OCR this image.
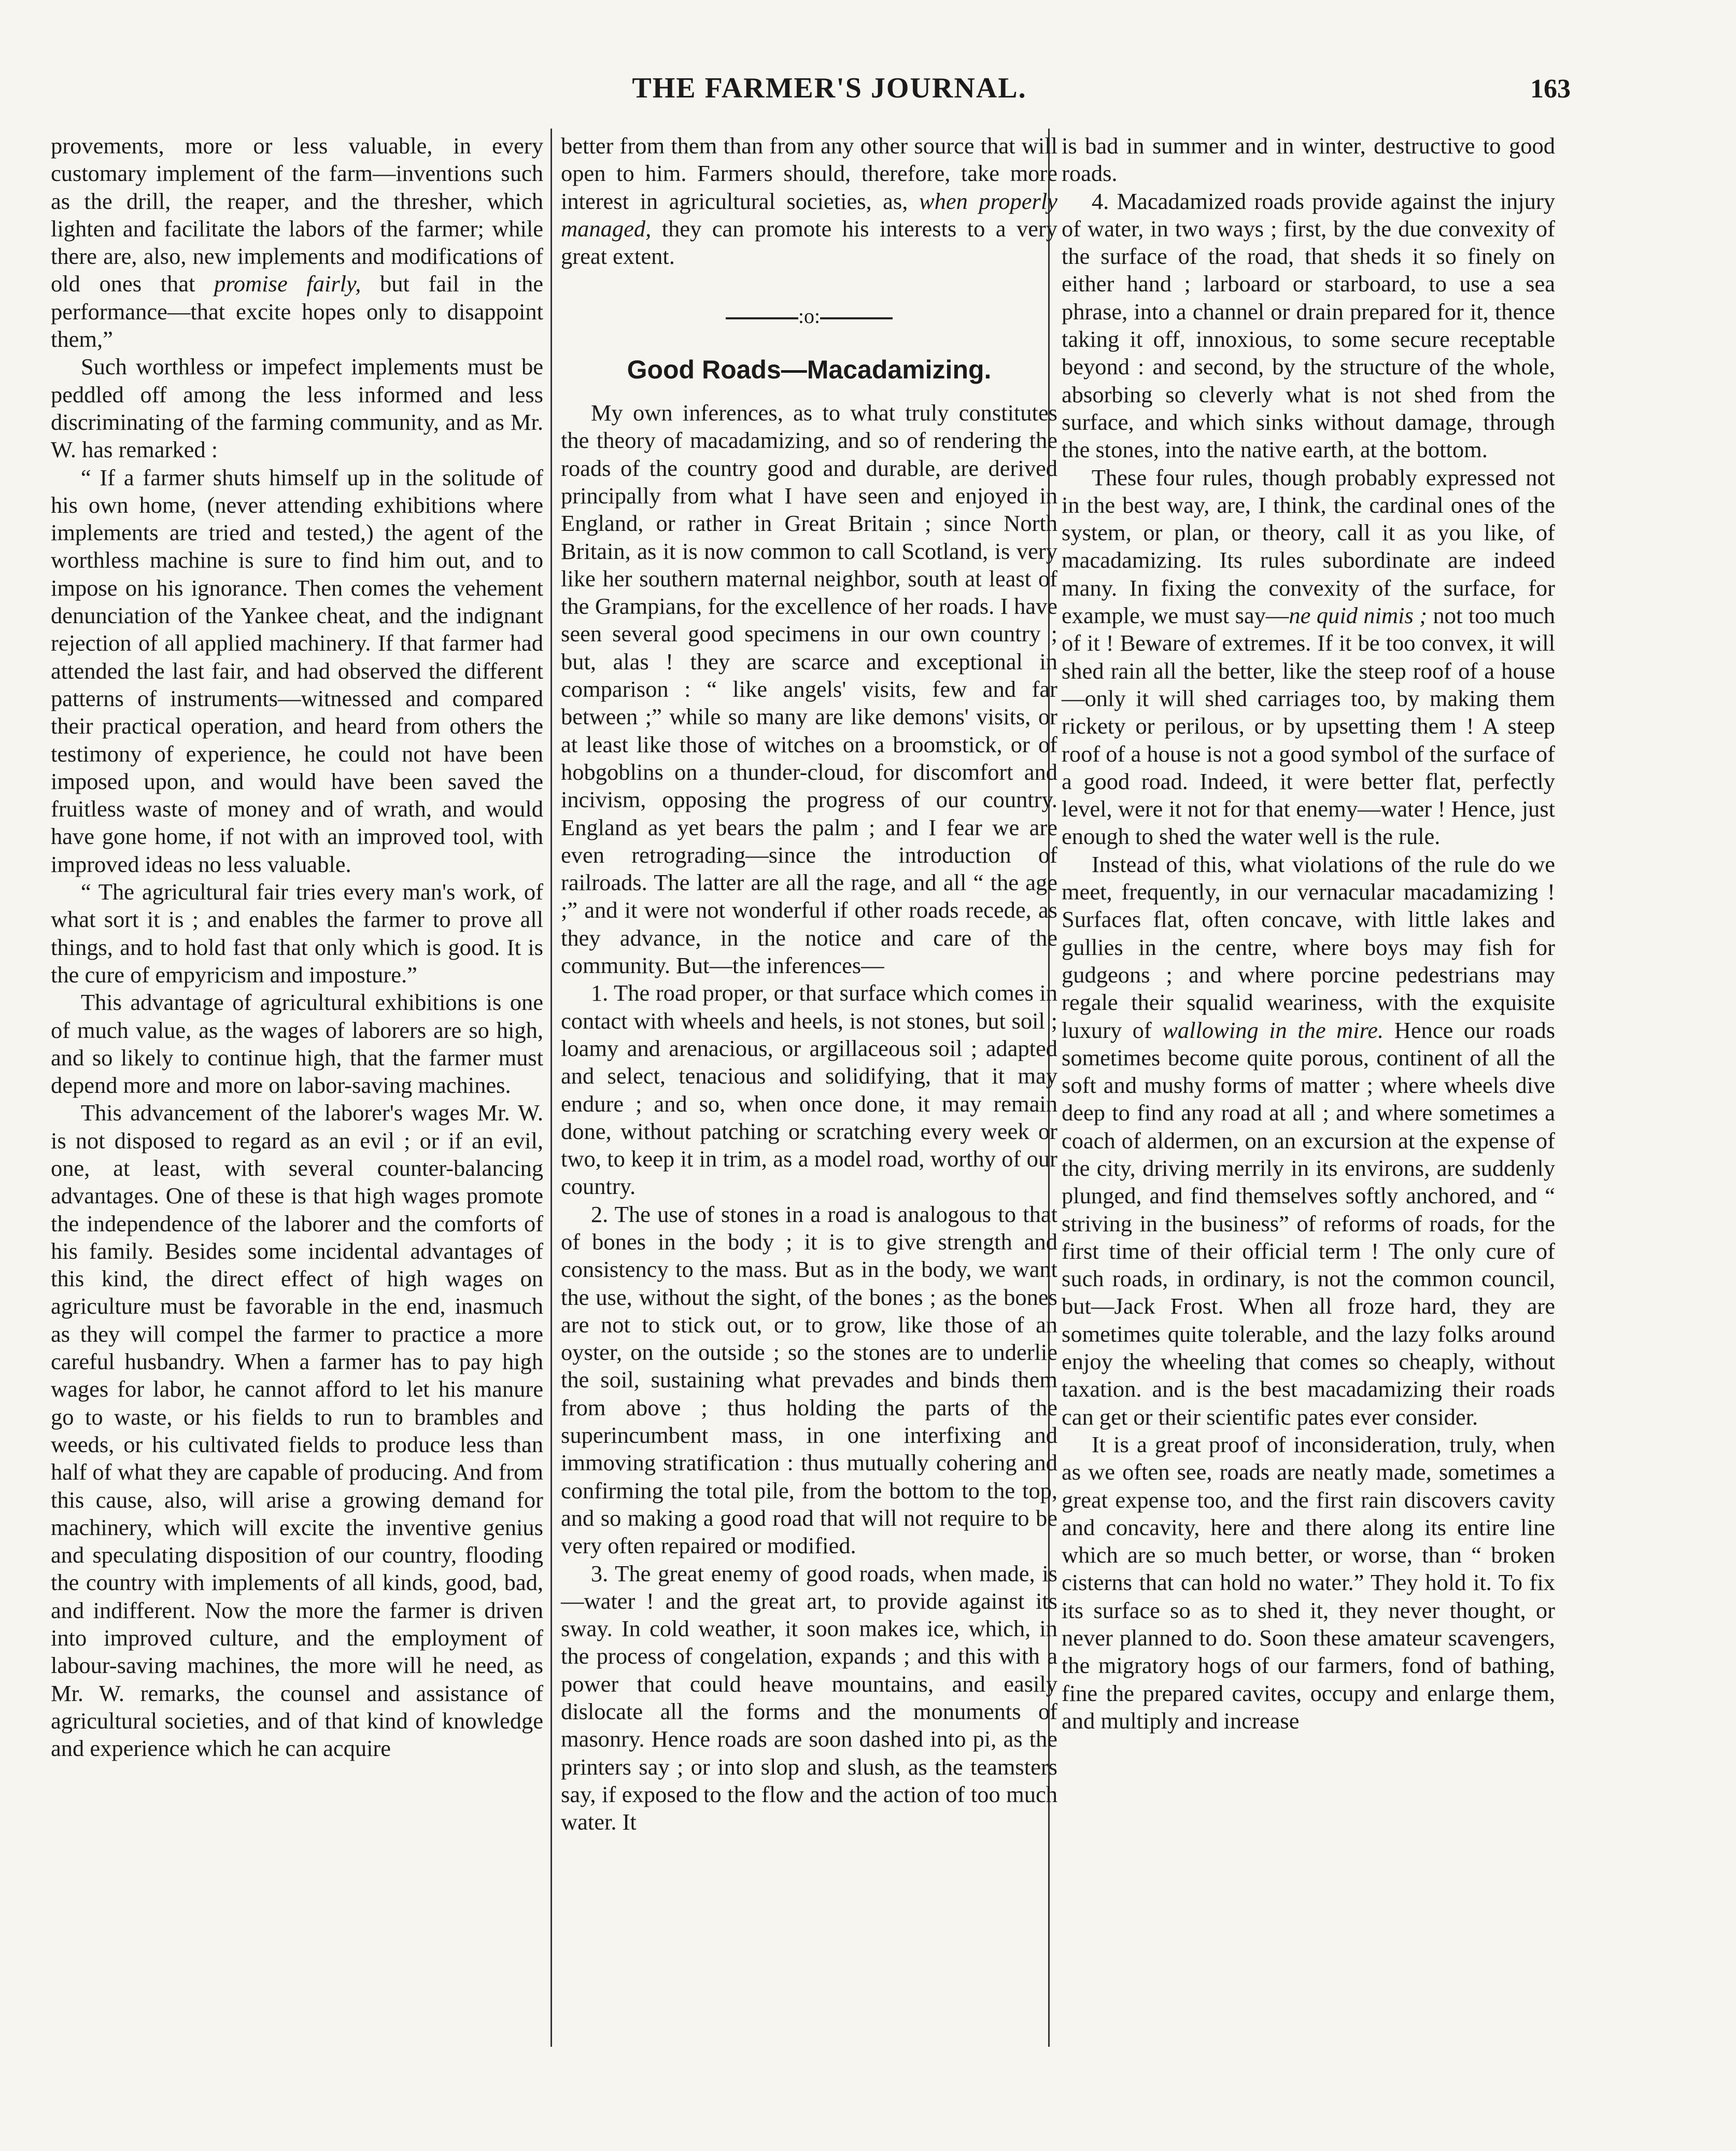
THE FARMER'S JOURNAL.	163

provements, more or less valuable, in every customary implement of the farm—inventions such as the drill, the reaper, and the thresher, which lighten and facilitate the labors of the farmer; while there are, also, new implements and modifications of old ones that promise fairly, but fail in the performance—that excite hopes only to disappoint them,”

Such worthless or impefect implements must be peddled off among the less informed and less discriminating of the farming community, and as Mr. W. has remarked :

“ If a farmer shuts himself up in the solitude of his own home, (never attending exhibitions where implements are tried and tested,) the agent of the worthless machine is sure to find him out, and to impose on his ignorance. Then comes the vehement denunciation of the Yankee cheat, and the indignant rejection of all applied machinery. If that farmer had attended the last fair, and had observed the different patterns of instruments—witnessed and compared their practical operation, and heard from others the testimony of experience, he could not have been imposed upon, and would have been saved the fruitless waste of money and of wrath, and would have gone home, if not with an improved tool, with improved ideas no less valuable.

“ The agricultural fair tries every man's work, of what sort it is ; and enables the farmer to prove all things, and to hold fast that only which is good. It is the cure of empyricism and imposture.”

This advantage of agricultural exhibitions is one of much value, as the wages of laborers are so high, and so likely to continue high, that the farmer must depend more and more on labor-saving machines.

This advancement of the laborer's wages Mr. W. is not disposed to regard as an evil ; or if an evil, one, at least, with several counter-balancing advantages. One of these is that high wages promote the independence of the laborer and the comforts of his family. Besides some incidental advantages of this kind, the direct effect of high wages on agriculture must be favorable in the end, inasmuch as they will compel the farmer to practice a more careful husbandry. When a farmer has to pay high wages for labor, he cannot afford to let his manure go to waste, or his fields to run to brambles and weeds, or his cultivated fields to produce less than half of what they are capable of producing. And from this cause, also, will arise a growing demand for machinery, which will excite the inventive genius and speculating disposition of our country, flooding the country with implements of all kinds, good, bad, and indifferent. Now the more the farmer is driven into improved culture, and the employment of labour-saving machines, the more will he need, as Mr. W. remarks, the counsel and assistance of agricultural societies, and of that kind of knowledge and experience which he can acquire

better from them than from any other source that will open to him. Farmers should, therefore, take more interest in agricultural societies, as, when properly managed, they can promote his interests to a very great extent.

:o:
Good Roads—Macadamizing.

My own inferences, as to what truly constitutes the theory of macadamizing, and so of rendering the roads of the country good and durable, are derived principally from what I have seen and enjoyed in England, or rather in Great Britain ; since North Britain, as it is now common to call Scotland, is very like her southern maternal neighbor, south at least of the Grampians, for the excellence of her roads. I have seen several good specimens in our own country ; but, alas ! they are scarce and exceptional in comparison : “ like angels' visits, few and far between ;” while so many are like demons' visits, or at least like those of witches on a broomstick, or of hobgoblins on a thunder-cloud, for discomfort and incivism, opposing the progress of our country. England as yet bears the palm ; and I fear we are even retrograding—since the introduction of railroads. The latter are all the rage, and all “ the age ;” and it were not wonderful if other roads recede, as they advance, in the notice and care of the community. But—the inferences—

1. The road proper, or that surface which comes in contact with wheels and heels, is not stones, but soil ; loamy and arenacious, or argillaceous soil ; adapted and select, tenacious and solidifying, that it may endure ; and so, when once done, it may remain done, without patching or scratching every week or two, to keep it in trim, as a model road, worthy of our country.

2. The use of stones in a road is analogous to that of bones in the body ; it is to give strength and consistency to the mass. But as in the body, we want the use, without the sight, of the bones ; as the bones are not to stick out, or to grow, like those of an oyster, on the outside ; so the stones are to underlie the soil, sustaining what prevades and binds them from above ; thus holding the parts of the superincumbent mass, in one interfixing and immoving stratification : thus mutually cohering and confirming the total pile, from the bottom to the top, and so making a good road that will not require to be very often repaired or modified.

3. The great enemy of good roads, when made, is—water ! and the great art, to provide against its sway. In cold weather, it soon makes ice, which, in the process of congelation, expands ; and this with a power that could heave mountains, and easily dislocate all the forms and the monuments of masonry. Hence roads are soon dashed into pi, as the printers say ; or into slop and slush, as the teamsters say, if exposed to the flow and the action of too much water. It

is bad in summer and in winter, destructive to good roads.

4. Macadamized roads provide against the injury of water, in two ways ; first, by the due convexity of the surface of the road, that sheds it so finely on either hand ; larboard or starboard, to use a sea phrase, into a channel or drain prepared for it, thence taking it off, innoxious, to some secure receptable beyond : and second, by the structure of the whole, absorbing so cleverly what is not shed from the surface, and which sinks without damage, through the stones, into the native earth, at the bottom.

These four rules, though probably expressed not in the best way, are, I think, the cardinal ones of the system, or plan, or theory, call it as you like, of macadamizing. Its rules subordinate are indeed many. In fixing the convexity of the surface, for example, we must say—ne quid nimis ; not too much of it ! Beware of extremes. If it be too convex, it will shed rain all the better, like the steep roof of a house—only it will shed carriages too, by making them rickety or perilous, or by upsetting them ! A steep roof of a house is not a good symbol of the surface of a good road. Indeed, it were better flat, perfectly level, were it not for that enemy—water ! Hence, just enough to shed the water well is the rule.

Instead of this, what violations of the rule do we meet, frequently, in our vernacular macadamizing ! Surfaces flat, often concave, with little lakes and gullies in the centre, where boys may fish for gudgeons ; and where porcine pedestrians may regale their squalid weariness, with the exquisite luxury of wallowing in the mire. Hence our roads sometimes become quite porous, continent of all the soft and mushy forms of matter ; where wheels dive deep to find any road at all ; and where sometimes a coach of aldermen, on an excursion at the expense of the city, driving merrily in its environs, are suddenly plunged, and find themselves softly anchored, and “ striving in the business” of reforms of roads, for the first time of their official term ! The only cure of such roads, in ordinary, is not the common council, but—Jack Frost. When all froze hard, they are sometimes quite tolerable, and the lazy folks around enjoy the wheeling that comes so cheaply, without taxation. and is the best macadamizing their roads can get or their scientific pates ever consider.

It is a great proof of inconsideration, truly, when as we often see, roads are neatly made, sometimes a great expense too, and the first rain discovers cavity and concavity, here and there along its entire line which are so much better, or worse, than “ broken cisterns that can hold no water.” They hold it. To fix its surface so as to shed it, they never thought, or never planned to do. Soon these amateur scavengers, the migratory hogs of our farmers, fond of bathing, fine the prepared cavites, occupy and enlarge them, and multiply and increase
